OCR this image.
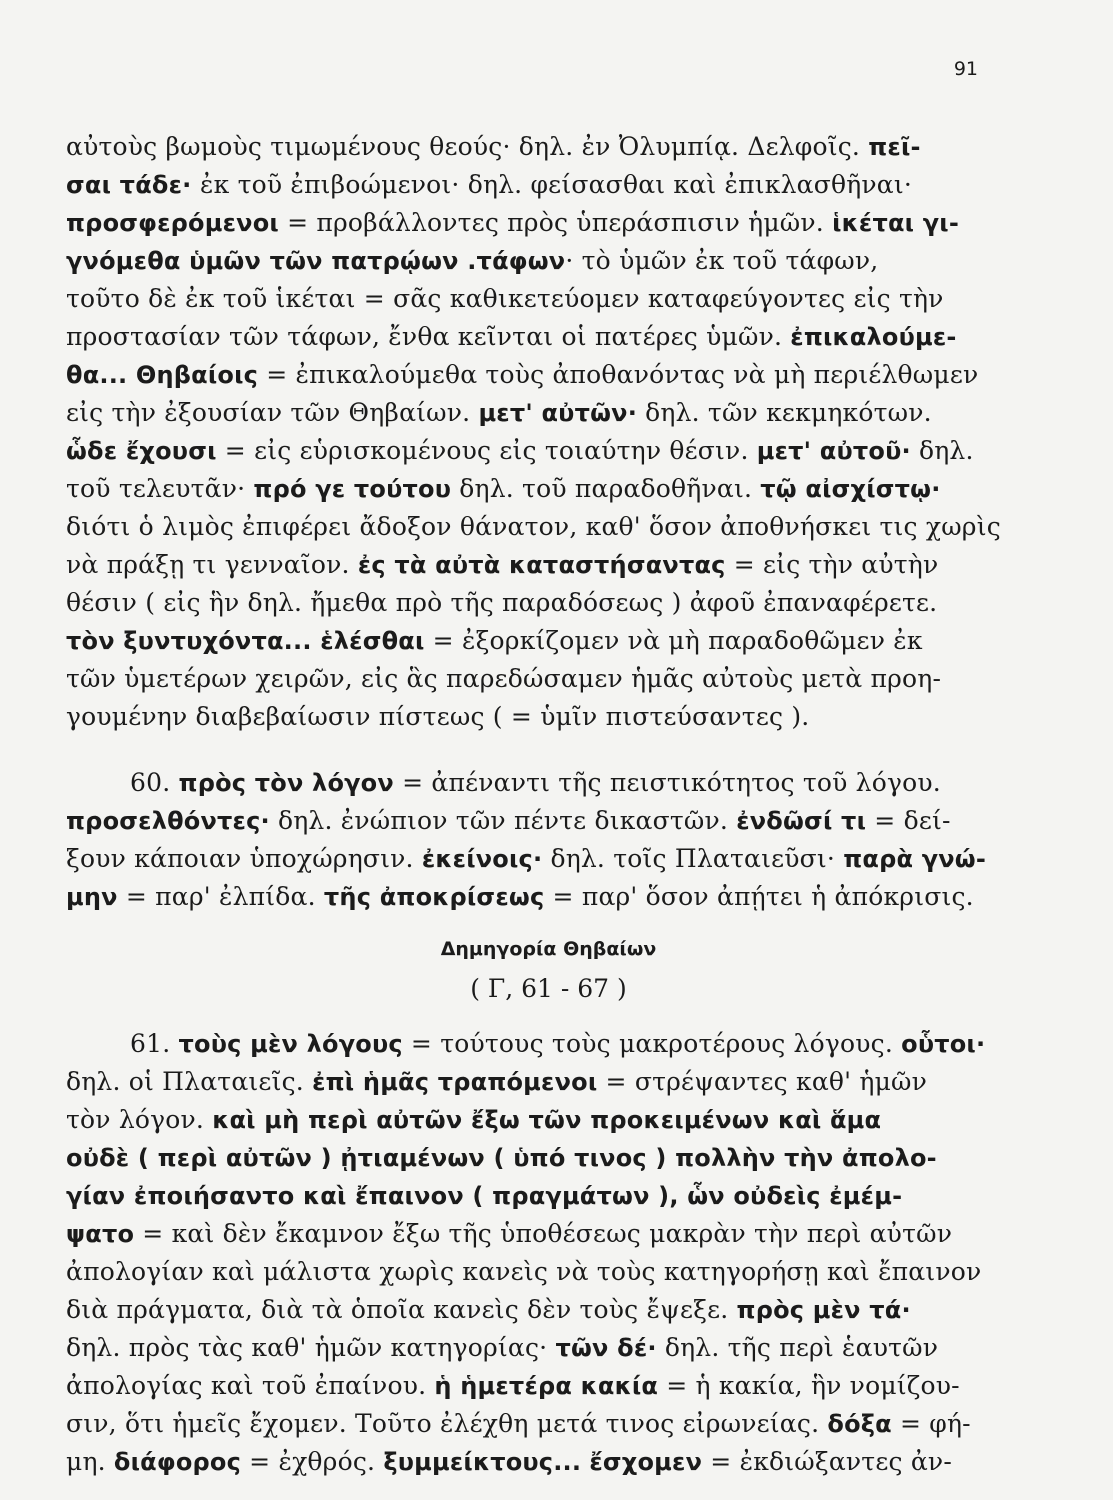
91
αὐτοὺς βωμοὺς τιμωμένους θεούς· δηλ. ἐν Ὀλυμπίᾳ. Δελφοῖς. πεῖ-
σαι τάδε· ἐκ τοῦ ἐπιβοώμενοι· δηλ. φείσασθαι καὶ ἐπικλασθῆναι·
προσφερόμενοι = προβάλλοντες πρὸς ὑπεράσπισιν ἡμῶν. ἱκέται γι-
γνόμεθα ὑμῶν τῶν πατρῴων .τάφων· τὸ ὑμῶν ἐκ τοῦ τάφων,
τοῦτο δὲ ἐκ τοῦ ἱκέται = σᾶς καθικετεύομεν καταφεύγοντες εἰς τὴν
προστασίαν τῶν τάφων, ἔνθα κεῖνται οἱ πατέρες ὑμῶν. ἐπικαλούμε-
θα... Θηβαίοις = ἐπικαλούμεθα τοὺς ἀποθανόντας νὰ μὴ περιέλθωμεν
εἰς τὴν ἐξουσίαν τῶν Θηβαίων. μετ' αὐτῶν· δηλ. τῶν κεκμηκότων.
ὧδε ἔχουσι = εἰς εὑρισκομένους εἰς τοιαύτην θέσιν. μετ' αὐτοῦ· δηλ.
τοῦ τελευτᾶν· πρό γε τούτου δηλ. τοῦ παραδοθῆναι. τῷ αἰσχίστῳ·
διότι ὁ λιμὸς ἐπιφέρει ἄδοξον θάνατον, καθ' ὅσον ἀποθνήσκει τις χωρὶς
νὰ πράξῃ τι γενναῖον. ἐς τὰ αὐτὰ καταστήσαντας = εἰς τὴν αὐτὴν
θέσιν ( εἰς ἣν δηλ. ἤμεθα πρὸ τῆς παραδόσεως ) ἀφοῦ ἐπαναφέρετε.
τὸν ξυντυχόντα... ἑλέσθαι = ἐξορκίζομεν νὰ μὴ παραδοθῶμεν ἐκ
τῶν ὑμετέρων χειρῶν, εἰς ἃς παρεδώσαμεν ἡμᾶς αὐτοὺς μετὰ προη-
γουμένην διαβεβαίωσιν πίστεως ( = ὑμῖν πιστεύσαντες ).
60. πρὸς τὸν λόγον = ἀπέναντι τῆς πειστικότητος τοῦ λόγου.
προσελθόντες· δηλ. ἐνώπιον τῶν πέντε δικαστῶν. ἐνδῶσί τι = δεί-
ξουν κάποιαν ὑποχώρησιν. ἐκείνοις· δηλ. τοῖς Πλαταιεῦσι· παρὰ γνώ-
μην = παρ' ἐλπίδα. τῆς ἀποκρίσεως = παρ' ὅσον ἀπῄτει ἡ ἀπόκρισις.
Δημηγορία Θηβαίων
( Γ, 61 - 67 )
61. τοὺς μὲν λόγους = τούτους τοὺς μακροτέρους λόγους. οὗτοι·
δηλ. οἱ Πλαταιεῖς. ἐπὶ ἡμᾶς τραπόμενοι = στρέψαντες καθ' ἡμῶν
τὸν λόγον. καὶ μὴ περὶ αὐτῶν ἔξω τῶν προκειμένων καὶ ἅμα
οὐδὲ ( περὶ αὐτῶν ) ᾐτιαμένων ( ὑπό τινος ) πολλὴν τὴν ἀπολο-
γίαν ἐποιήσαντο καὶ ἔπαινον ( πραγμάτων ), ὧν οὐδεὶς ἐμέμ-
ψατο = καὶ δὲν ἔκαμνον ἔξω τῆς ὑποθέσεως μακρὰν τὴν περὶ αὐτῶν
ἀπολογίαν καὶ μάλιστα χωρὶς κανεὶς νὰ τοὺς κατηγορήσῃ καὶ ἔπαινον
διὰ πράγματα, διὰ τὰ ὁποῖα κανεὶς δὲν τοὺς ἔψεξε. πρὸς μὲν τά·
δηλ. πρὸς τὰς καθ' ἡμῶν κατηγορίας· τῶν δέ· δηλ. τῆς περὶ ἑαυτῶν
ἀπολογίας καὶ τοῦ ἐπαίνου. ἡ ἡμετέρα κακία = ἡ κακία, ἣν νομίζου-
σιν, ὅτι ἡμεῖς ἔχομεν. Τοῦτο ἐλέχθη μετά τινος εἰρωνείας. δόξα = φή-
μη. διάφορος = ἐχθρός. ξυμμείκτους... ἔσχομεν = ἐκδιώξαντες ἀν-
